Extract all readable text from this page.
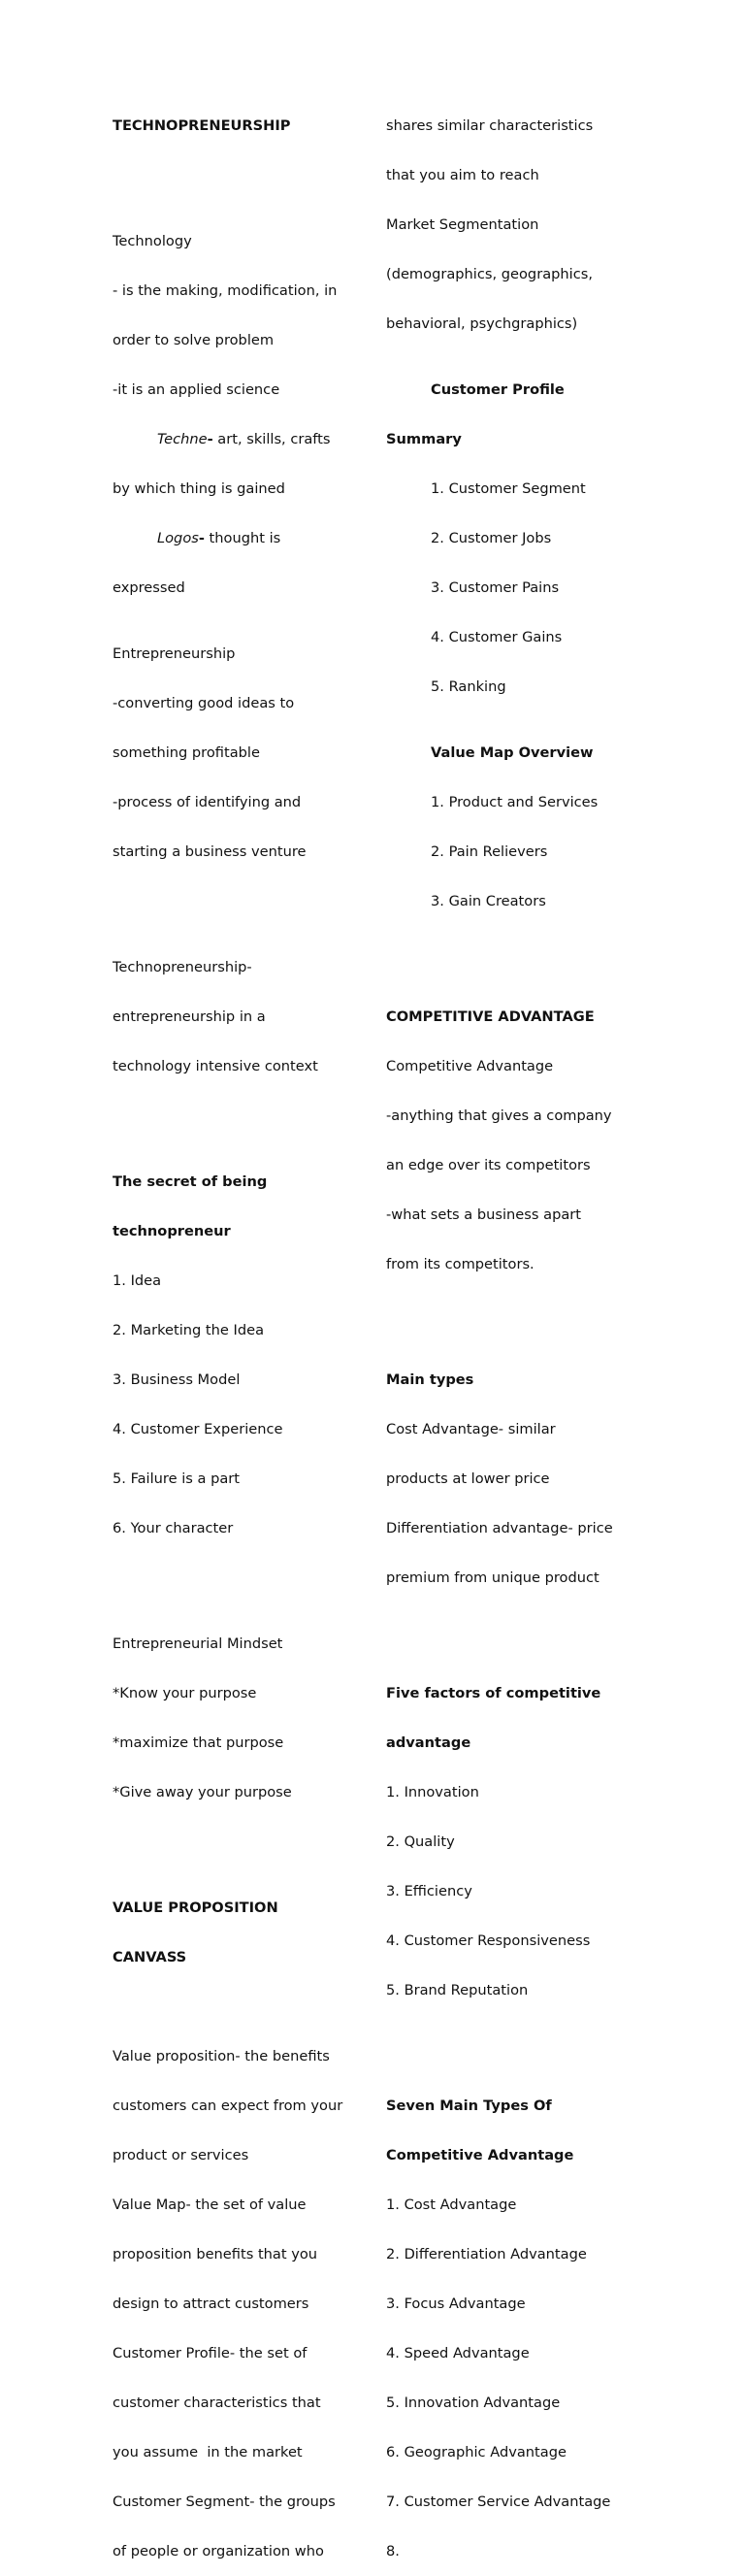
TECHNOPRENEURSHIP

Technology

- is the making, modification, in

order to solve problem

-it is an applied science

Techne- art, skills, crafts

by which thing is gained

Logos- thought is

expressed

Entrepreneurship

-converting good ideas to

something profitable

-process of identifying and

starting a business venture

Technopreneurship-

entrepreneurship in a

technology intensive context

The secret of being

technopreneur

1. Idea

2. Marketing the Idea

3. Business Model

4. Customer Experience

5. Failure is a part

6. Your character

Entrepreneurial Mindset

*Know your purpose

*maximize that purpose

*Give away your purpose

VALUE PROPOSITION

CANVASS

Value proposition- the benefits

customers can expect from your

product or services

Value Map- the set of value

proposition benefits that you

design to attract customers

Customer Profile- the set of

customer characteristics that

you assume  in the market

Customer Segment- the groups

of people or organization who

shares similar characteristics

that you aim to reach

Market Segmentation

(demographics, geographics,

behavioral, psychgraphics)

Customer Profile

Summary

1. Customer Segment

2. Customer Jobs

3. Customer Pains

4. Customer Gains

5. Ranking

Value Map Overview

1. Product and Services

2. Pain Relievers

3. Gain Creators

COMPETITIVE ADVANTAGE

Competitive Advantage

-anything that gives a company

an edge over its competitors

-what sets a business apart

from its competitors.

Main types

Cost Advantage- similar

products at lower price

Differentiation advantage- price

premium from unique product

Five factors of competitive

advantage

1. Innovation

2. Quality

3. Efficiency

4. Customer Responsiveness

5. Brand Reputation

Seven Main Types Of

Competitive Advantage

1. Cost Advantage

2. Differentiation Advantage

3. Focus Advantage

4. Speed Advantage

5. Innovation Advantage

6. Geographic Advantage

7. Customer Service Advantage

8.
